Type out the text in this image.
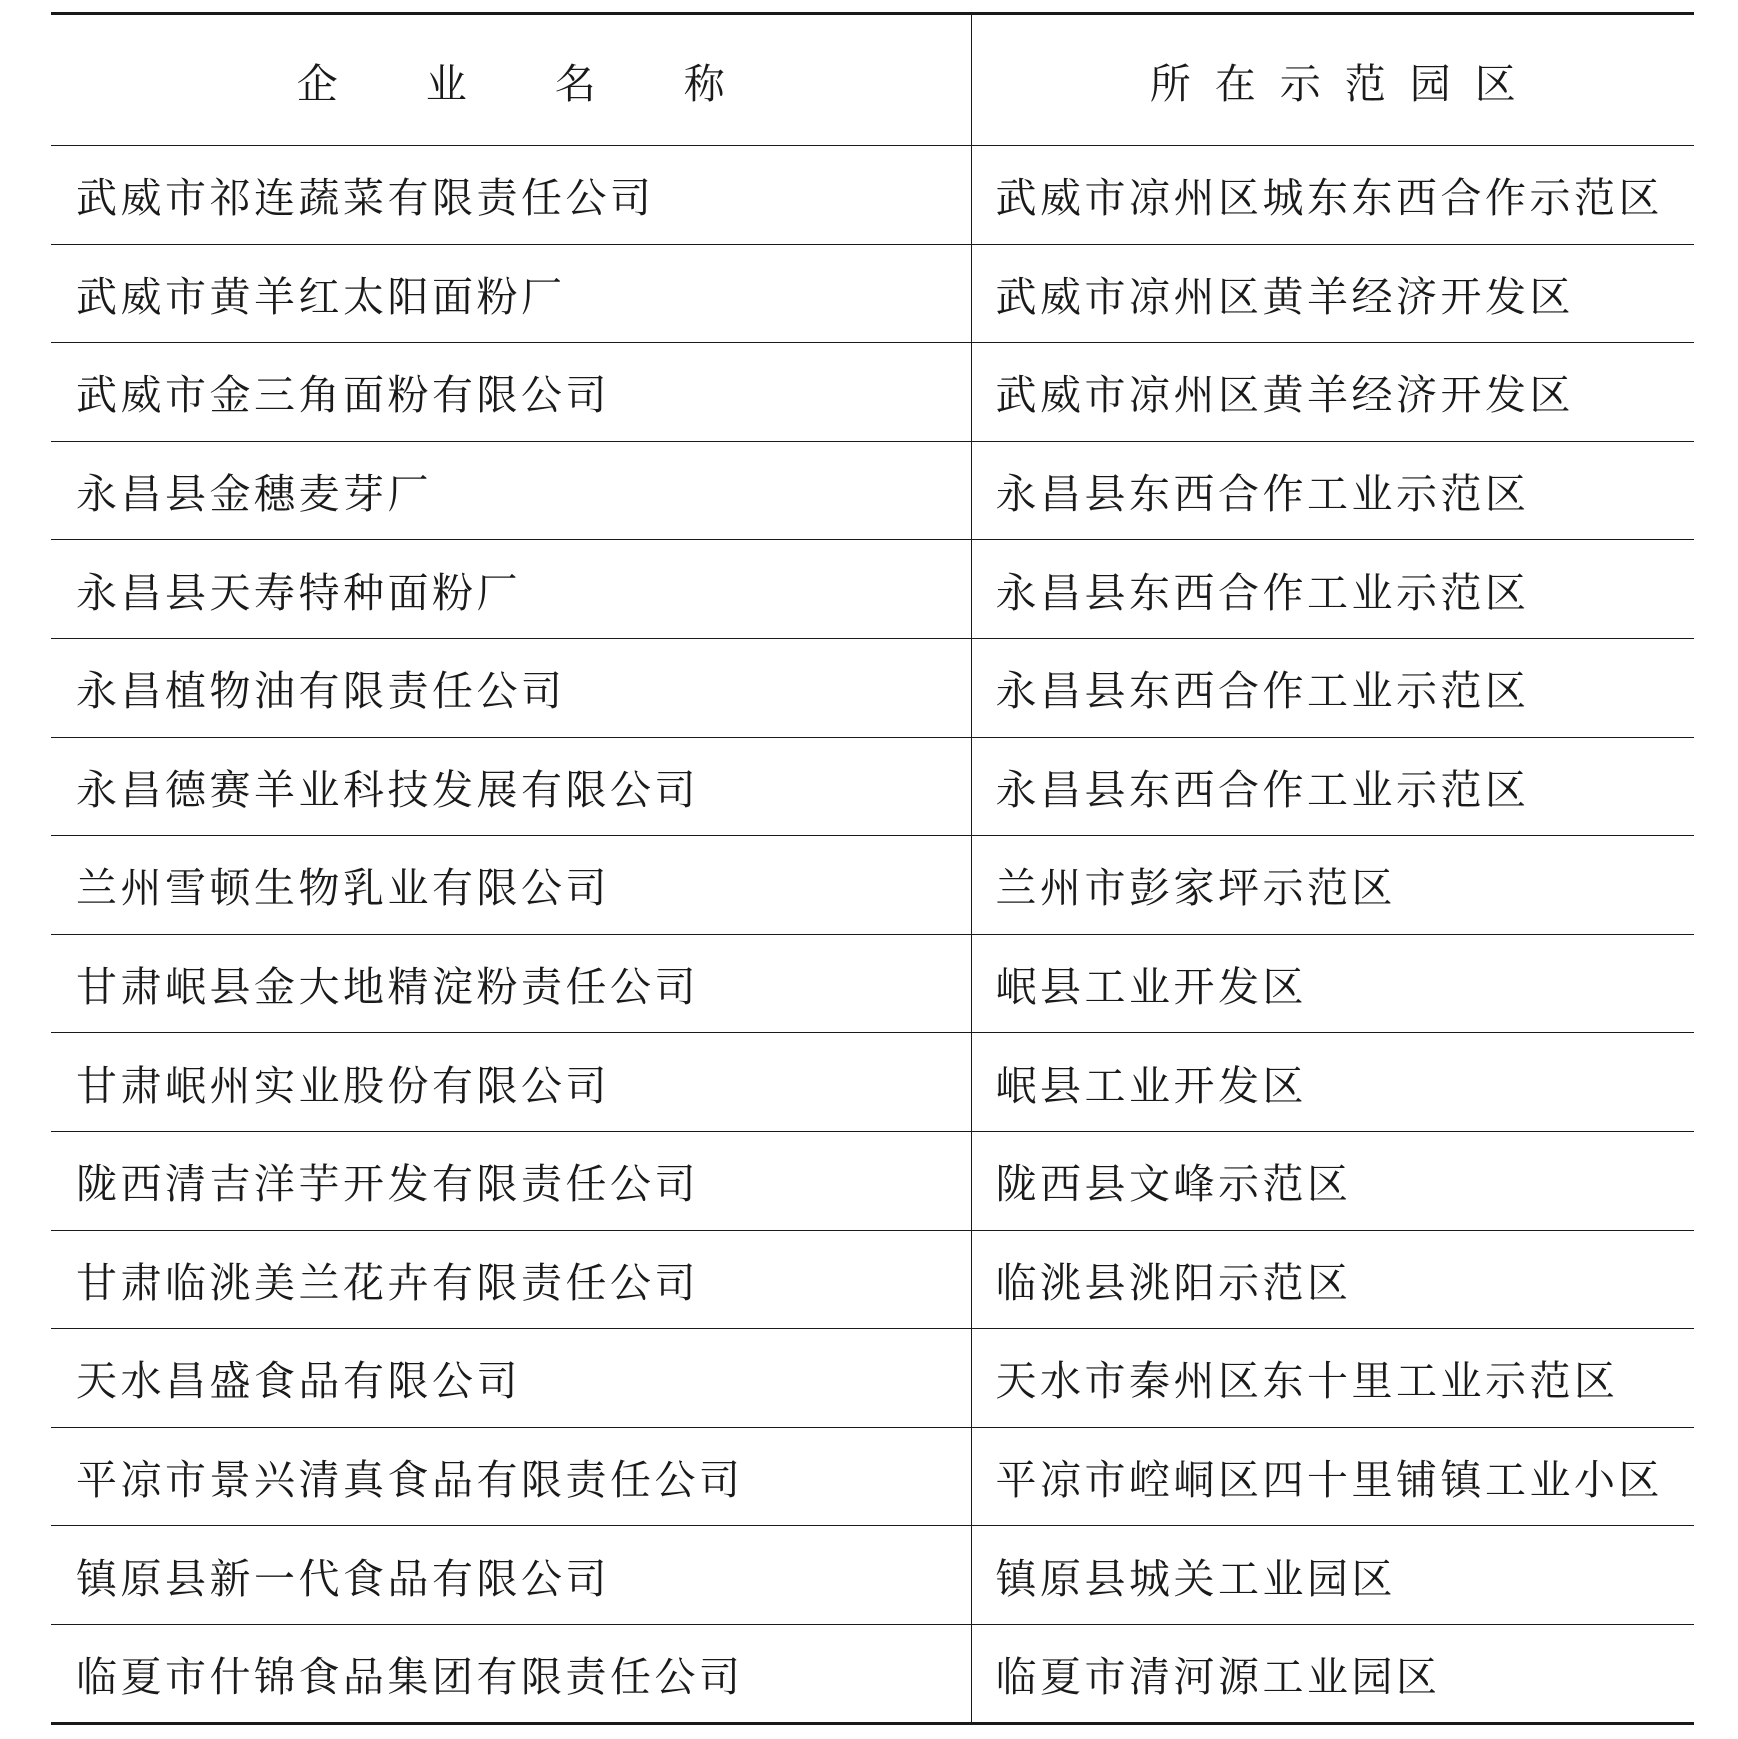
企业名称	所在示范园区
武威市祁连蔬菜有限责任公司	武威市凉州区城东东西合作示范区
武威市黄羊红太阳面粉厂	武威市凉州区黄羊经济开发区
武威市金三角面粉有限公司	武威市凉州区黄羊经济开发区
永昌县金穗麦芽厂	永昌县东西合作工业示范区
永昌县天寿特种面粉厂	永昌县东西合作工业示范区
永昌植物油有限责任公司	永昌县东西合作工业示范区
永昌德赛羊业科技发展有限公司	永昌县东西合作工业示范区
兰州雪顿生物乳业有限公司	兰州市彭家坪示范区
甘肃岷县金大地精淀粉责任公司	岷县工业开发区
甘肃岷州实业股份有限公司	岷县工业开发区
陇西清吉洋芋开发有限责任公司	陇西县文峰示范区
甘肃临洮美兰花卉有限责任公司	临洮县洮阳示范区
天水昌盛食品有限公司	天水市秦州区东十里工业示范区
平凉市景兴清真食品有限责任公司	平凉市崆峒区四十里铺镇工业小区
镇原县新一代食品有限公司	镇原县城关工业园区
临夏市什锦食品集团有限责任公司	临夏市清河源工业园区
